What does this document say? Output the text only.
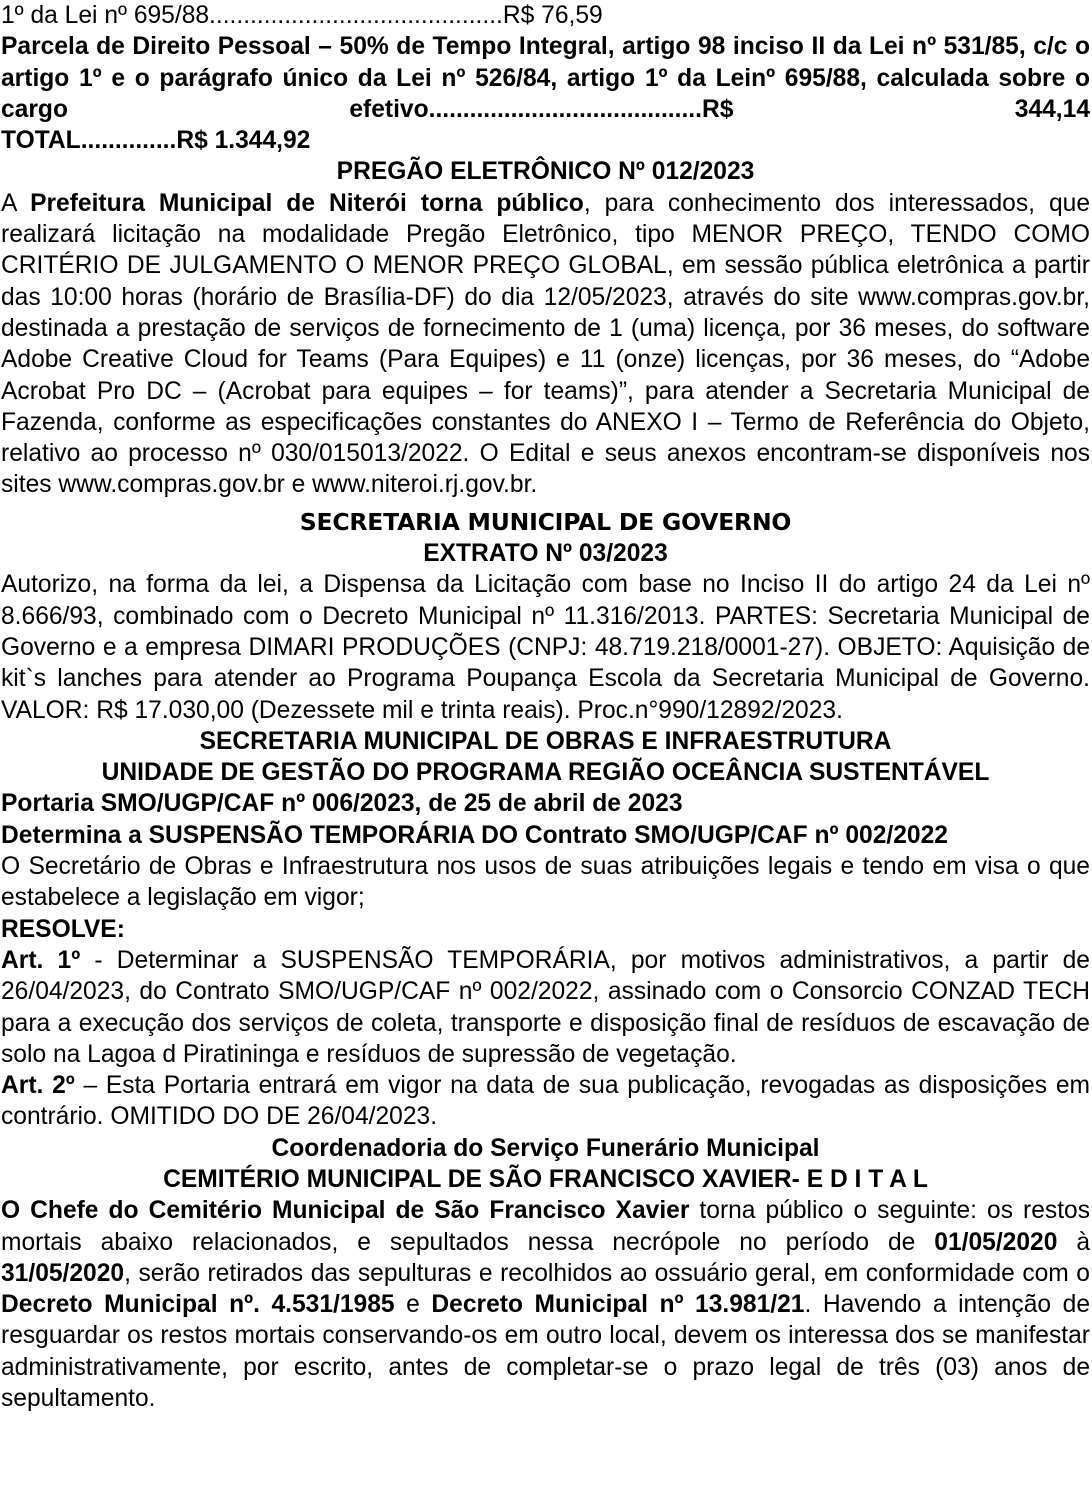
1º da Lei nº 695/88...........................................R$ 76,59

Parcela de Direito Pessoal – 50% de Tempo Integral, artigo 98 inciso II da Lei nº 531/85, c/c o artigo 1º e o parágrafo único da Lei nº 526/84, artigo 1º da Leinº 695/88, calculada sobre o cargo efetivo........................................R$ 344,14

TOTAL..............R$ 1.344,92

PREGÃO ELETRÔNICO Nº 012/2023

A Prefeitura Municipal de Niterói torna público, para conhecimento dos interessados, que realizará licitação na modalidade Pregão Eletrônico, tipo MENOR PREÇO, TENDO COMO CRITÉRIO DE JULGAMENTO O MENOR PREÇO GLOBAL, em sessão pública eletrônica a partir das 10:00 horas (horário de Brasília-DF) do dia 12/05/2023, através do site www.compras.gov.br, destinada a prestação de serviços de fornecimento de 1 (uma) licença, por 36 meses, do software Adobe Creative Cloud for Teams (Para Equipes) e 11 (onze) licenças, por 36 meses, do “Adobe Acrobat Pro DC – (Acrobat para equipes – for teams)”, para atender a Secretaria Municipal de Fazenda, conforme as especificações constantes do ANEXO I – Termo de Referência do Objeto, relativo ao processo nº 030/015013/2022. O Edital e seus anexos encontram-se disponíveis nos sites www.compras.gov.br e www.niteroi.rj.gov.br.

SECRETARIA MUNICIPAL DE GOVERNO
EXTRATO Nº 03/2023

Autorizo, na forma da lei, a Dispensa da Licitação com base no Inciso II do artigo 24 da Lei nº 8.666/93, combinado com o Decreto Municipal nº 11.316/2013. PARTES: Secretaria Municipal de Governo e a empresa DIMARI PRODUÇÕES (CNPJ: 48.719.218/0001-27). OBJETO: Aquisição de kit`s lanches para atender ao Programa Poupança Escola da Secretaria Municipal de Governo. VALOR: R$ 17.030,00 (Dezessete mil e trinta reais). Proc.n°990/12892/2023.

SECRETARIA MUNICIPAL DE OBRAS E INFRAESTRUTURA
UNIDADE DE GESTÃO DO PROGRAMA REGIÃO OCEÂNCIA SUSTENTÁVEL

Portaria SMO/UGP/CAF nº 006/2023, de 25 de abril de 2023

Determina a SUSPENSÃO TEMPORÁRIA DO Contrato SMO/UGP/CAF nº 002/2022

O Secretário de Obras e Infraestrutura nos usos de suas atribuições legais e tendo em visa o que estabelece a legislação em vigor;

RESOLVE:

Art. 1º - Determinar a SUSPENSÃO TEMPORÁRIA, por motivos administrativos, a partir de 26/04/2023, do Contrato SMO/UGP/CAF nº 002/2022, assinado com o Consorcio CONZAD TECH para a execução dos serviços de coleta, transporte e disposição final de resíduos de escavação de solo na Lagoa d Piratininga e resíduos de supressão de vegetação.

Art. 2º – Esta Portaria entrará em vigor na data de sua publicação, revogadas as disposições em contrário. OMITIDO DO DE 26/04/2023.

Coordenadoria do Serviço Funerário Municipal
CEMITÉRIO MUNICIPAL DE SÃO FRANCISCO XAVIER- E D I T A L

O Chefe do Cemitério Municipal de São Francisco Xavier torna público o seguinte: os restos mortais abaixo relacionados, e sepultados nessa necrópole no período de 01/05/2020 à 31/05/2020, serão retirados das sepulturas e recolhidos ao ossuário geral, em conformidade com o Decreto Municipal nº. 4.531/1985 e Decreto Municipal nº 13.981/21. Havendo a intenção de resguardar os restos mortais conservando-os em outro local, devem os interessa dos se manifestar administrativamente, por escrito, antes de completar-se o prazo legal de três (03) anos de sepultamento.
